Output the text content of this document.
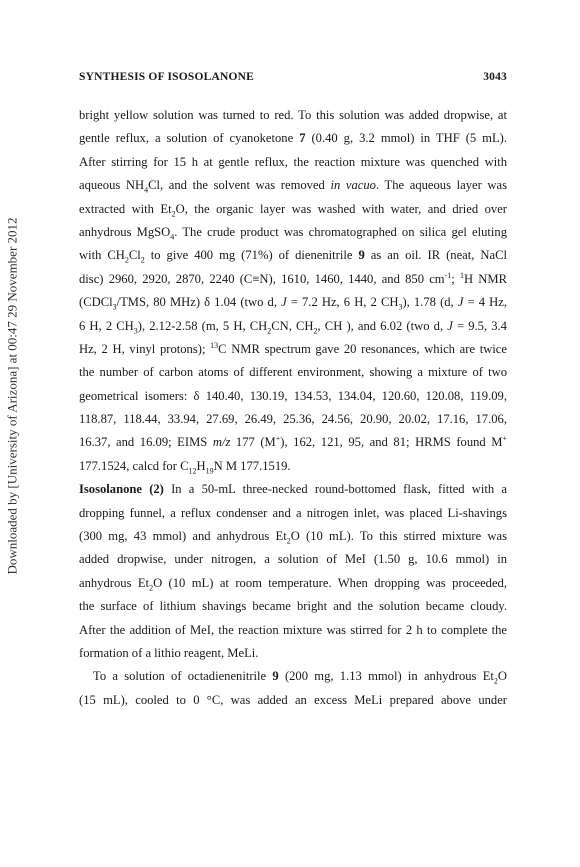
SYNTHESIS OF ISOSOLANONE	3043
Downloaded by [University of Arizona] at 00:47 29 November 2012
bright yellow solution was turned to red. To this solution was added dropwise, at
gentle reflux, a solution of cyanoketone 7 (0.40 g, 3.2 mmol) in THF (5 mL).
After stirring for 15 h at gentle reflux, the reaction mixture was quenched with
aqueous $NH_4Cl$, and the solvent was removed in vacuo. The aqueous layer was
extracted with $Et_2O$, the organic layer was washed with water, and dried over
anhydrous MgSO$_4$. The crude product was chromatographed on silica gel eluting
with $CH_2Cl_2$ to give 400 mg (71%) of dienenitrile 9 as an oil. IR (neat, NaCl
disc) 2960, 2920, 2870, 2240 (C≡N), 1610, 1460, 1440, and 850 $cm^{-1}$; $^1$H NMR
(CDCl$_3$/TMS, 80 MHz) δ 1.04 (two d, J = 7.2 Hz, 6 H, 2 $CH_3$), 1.78 (d, J = 4 Hz,
6 H, 2 $CH_3$), 2.12-2.58 (m, 5 H, $CH_2CN$, $CH_2$, CH ), and 6.02 (two d, J = 9.5, 3.4
Hz, 2 H, vinyl protons); $^{13}$C NMR spectrum gave 20 resonances, which are twice
the number of carbon atoms of different environment, showing a mixture of two
geometrical isomers: δ 140.40, 130.19, 134.53, 134.04, 120.60, 120.08, 119.09,
118.87, 118.44, 33.94, 27.69, 26.49, 25.36, 24.56, 20.90, 20.02, 17.16, 17.06,
16.37, and 16.09; EIMS m/z 177 (M+), 162, 121, 95, and 81; HRMS found M+
177.1524, calcd for $C_{12}H_{19}N$ M 177.1519.
Isosolanone (2) In a 50-mL three-necked round-bottomed flask, fitted with a
dropping funnel, a reflux condenser and a nitrogen inlet, was placed Li-shavings
(300 mg, 43 mmol) and anhydrous $Et_2O$ (10 mL). To this stirred mixture was
added dropwise, under nitrogen, a solution of MeI (1.50 g, 10.6 mmol) in
anhydrous $Et_2O$ (10 mL) at room temperature. When dropping was proceeded,
the surface of lithium shavings became bright and the solution became cloudy.
After the addition of MeI, the reaction mixture was stirred for 2 h to complete the
formation of a lithio reagent, MeLi.
To a solution of octadienenitrile 9 (200 mg, 1.13 mmol) in anhydrous $Et_2O$
(15 mL), cooled to 0 °C, was added an excess MeLi prepared above under
